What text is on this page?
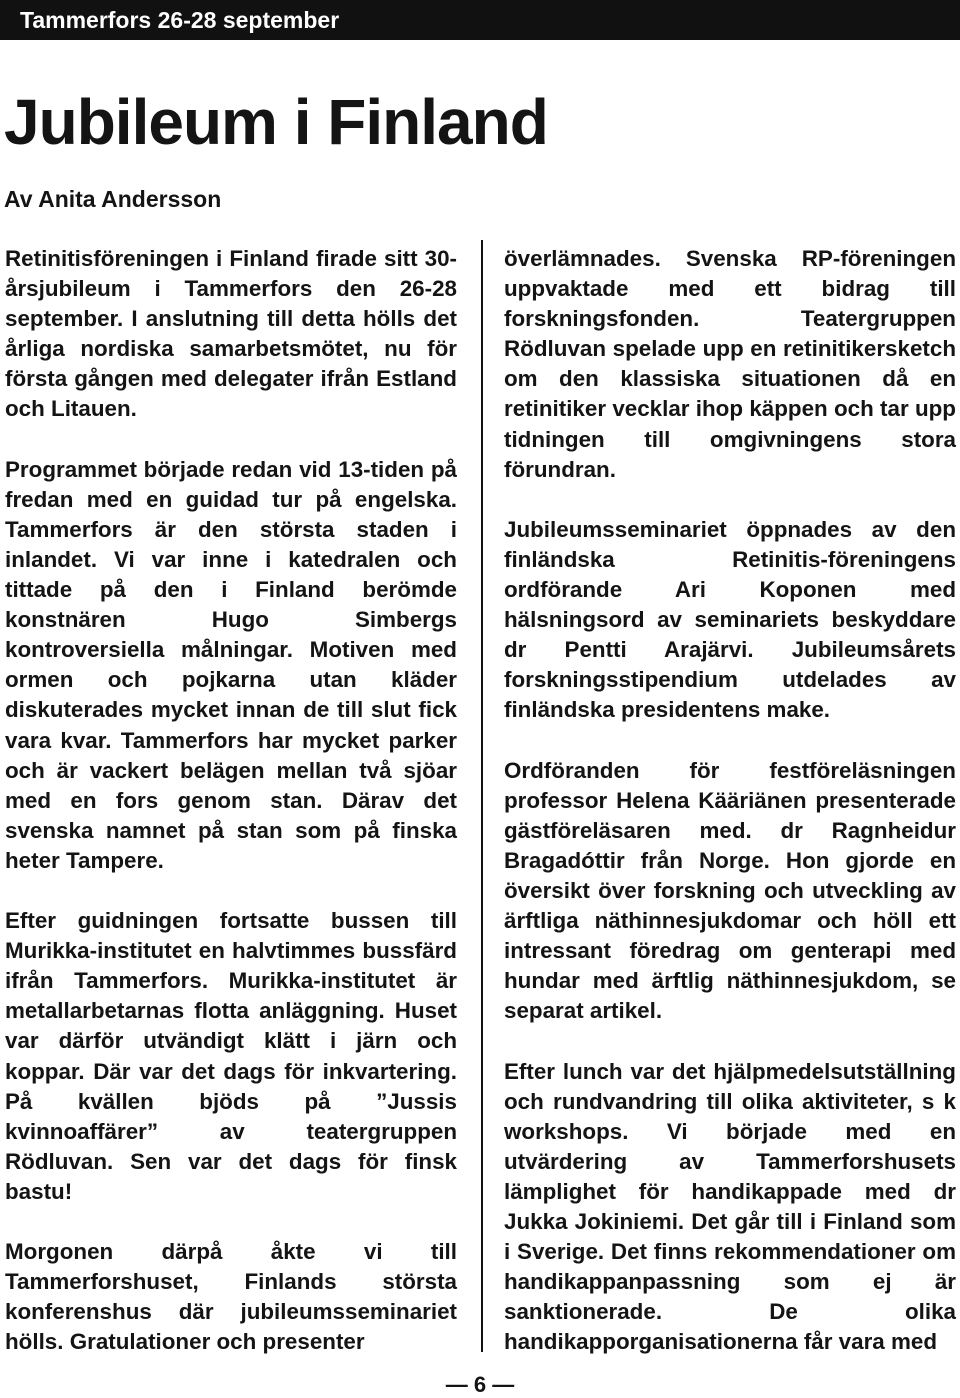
Tammerfors 26-28 september
Jubileum i Finland
Av Anita Andersson

Retinitisföreningen i Finland firade sitt 30-årsjubileum i Tammerfors den 26-28 september. I anslutning till detta hölls det årliga nordiska samarbetsmötet, nu för första gången med delegater ifrån Estland och Litauen.

Programmet började redan vid 13-tiden på fredan med en guidad tur på engelska. Tammerfors är den största staden i inlandet. Vi var inne i katedralen och tittade på den i Finland berömde konstnären Hugo Simbergs kontroversiella målningar. Motiven med ormen och pojkarna utan kläder diskuterades mycket innan de till slut fick vara kvar. Tammerfors har mycket parker och är vackert belägen mellan två sjöar med en fors genom stan. Därav det svenska namnet på stan som på finska heter Tampere.

Efter guidningen fortsatte bussen till Murikka-institutet en halvtimmes bussfärd ifrån Tammerfors. Murikka-institutet är metallarbetarnas flotta anläggning. Huset var därför utvändigt klätt i järn och koppar. Där var det dags för inkvartering. På kvällen bjöds på ”Jussis kvinnoaffärer” av teatergruppen Rödluvan. Sen var det dags för finsk bastu!

Morgonen därpå åkte vi till Tammerforshuset, Finlands största konferenshus där jubileumsseminariet hölls. Gratulationer och presenter

överlämnades. Svenska RP-föreningen uppvaktade med ett bidrag till forskningsfonden. Teatergruppen Rödluvan spelade upp en retinitikersketch om den klassiska situationen då en retinitiker vecklar ihop käppen och tar upp tidningen till omgivningens stora förundran.

Jubileumsseminariet öppnades av den finländska Retinitis-föreningens ordförande Ari Koponen med hälsningsord av seminariets beskyddare dr Pentti Arajärvi. Jubileumsårets forskningsstipendium utdelades av finländska presidentens make.

Ordföranden för festföreläsningen professor Helena Kääriänen presenterade gästföreläsaren med. dr Ragnheidur Bragadóttir från Norge. Hon gjorde en översikt över forskning och utveckling av ärftliga näthinnesjukdomar och höll ett intressant föredrag om genterapi med hundar med ärftlig näthinnesjukdom, se separat artikel.

Efter lunch var det hjälpmedelsutställning och rundvandring till olika aktiviteter, s k workshops. Vi började med en utvärdering av Tammerforshusets lämplighet för handikappade med dr Jukka Jokiniemi. Det går till i Finland som i Sverige. Det finns rekommendationer om handikappanpassning som ej är sanktionerade. De olika handikapporganisationerna får vara med

— 6 —
